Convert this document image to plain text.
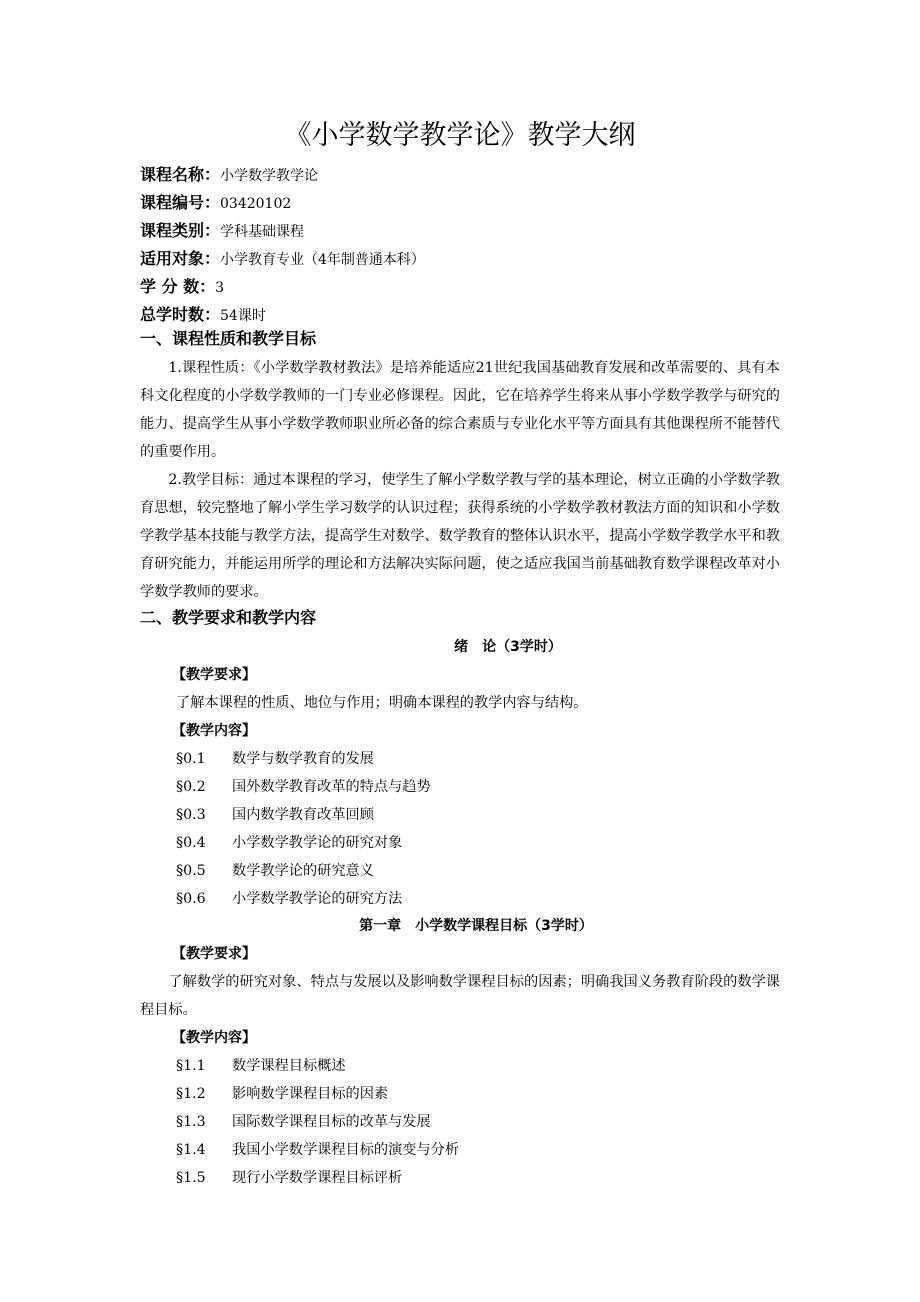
《小学数学教学论》教学大纲
课程名称：小学数学教学论
课程编号：03420102
课程类别：学科基础课程
适用对象：小学教育专业（4年制普通本科）
学 分 数：3
总学时数：54课时
一、课程性质和教学目标
1.课程性质：《小学数学教材教法》是培养能适应21世纪我国基础教育发展和改革需要的、具有本科文化程度的小学数学教师的一门专业必修课程。因此，它在培养学生将来从事小学数学教学与研究的能力、提高学生从事小学数学教师职业所必备的综合素质与专业化水平等方面具有其他课程所不能替代的重要作用。
2.教学目标：通过本课程的学习，使学生了解小学数学教与学的基本理论，树立正确的小学数学教育思想，较完整地了解小学生学习数学的认识过程；获得系统的小学数学教材教法方面的知识和小学数学教学基本技能与教学方法，提高学生对数学、数学教育的整体认识水平，提高小学数学教学水平和教育研究能力，并能运用所学的理论和方法解决实际问题，使之适应我国当前基础教育数学课程改革对小学数学教师的要求。
二、教学要求和教学内容
绪　论（3学时）
【教学要求】
了解本课程的性质、地位与作用；明确本课程的教学内容与结构。
【教学内容】
§0.1 数学与数学教育的发展
§0.2 国外数学教育改革的特点与趋势
§0.3 国内数学教育改革回顾
§0.4 小学数学教学论的研究对象
§0.5 数学教学论的研究意义
§0.6 小学数学教学论的研究方法
第一章　小学数学课程目标（3学时）
【教学要求】
了解数学的研究对象、特点与发展以及影响数学课程目标的因素；明确我国义务教育阶段的数学课程目标。
【教学内容】
§1.1 数学课程目标概述
§1.2 影响数学课程目标的因素
§1.3 国际数学课程目标的改革与发展
§1.4 我国小学数学课程目标的演变与分析
§1.5 现行小学数学课程目标评析
